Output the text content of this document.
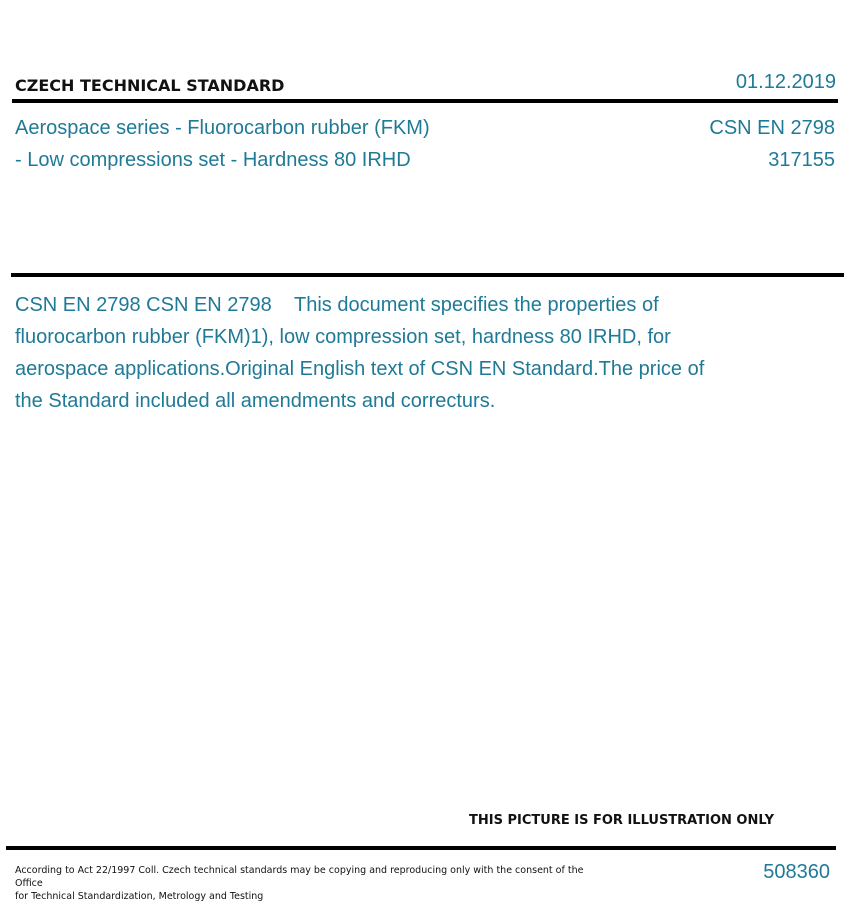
CZECH TECHNICAL STANDARD	01.12.2019
Aerospace series - Fluorocarbon rubber (FKM)
- Low compressions set - Hardness 80 IRHD
CSN EN 2798
317155
CSN EN 2798 CSN EN 2798    This document specifies the properties of fluorocarbon rubber (FKM)1), low compression set, hardness 80 IRHD, for aerospace applications.Original English text of CSN EN Standard.The price of the Standard included all amendments and correcturs.
THIS PICTURE IS FOR ILLUSTRATION ONLY
According to Act 22/1997 Coll. Czech technical standards may be copying and reproducing only with the consent of the Office
for Technical Standardization, Metrology and Testing
508360
